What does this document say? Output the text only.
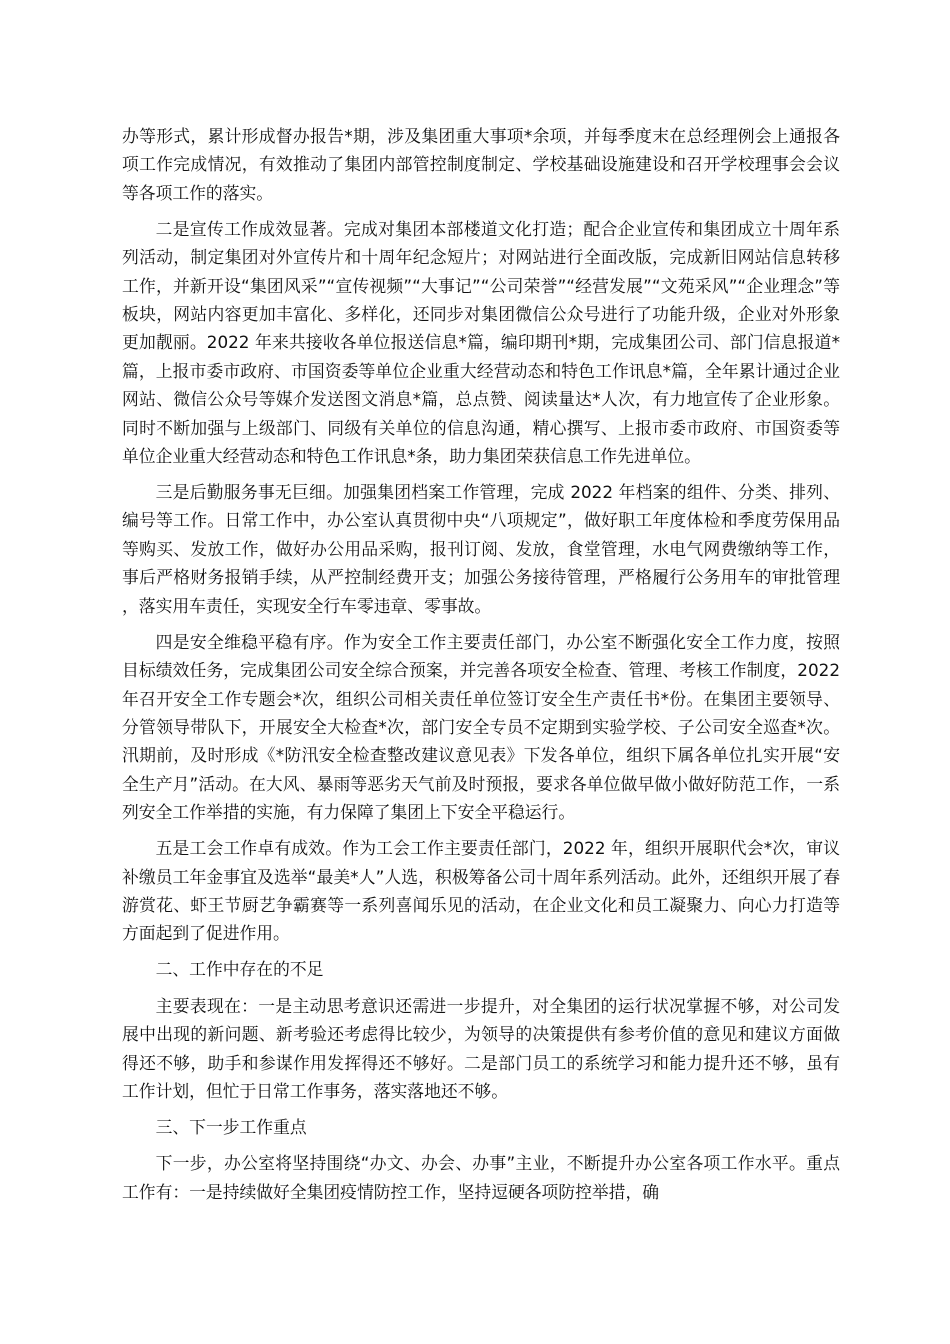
办等形式，累计形成督办报告*期，涉及集团重大事项*余项，并每季度末在总经理例会上通报各项工作完成情况，有效推动了集团内部管控制度制定、学校基础设施建设和召开学校理事会会议等各项工作的落实。

二是宣传工作成效显著。完成对集团本部楼道文化打造；配合企业宣传和集团成立十周年系列活动，制定集团对外宣传片和十周年纪念短片；对网站进行全面改版，完成新旧网站信息转移工作，并新开设“集团风采”“宣传视频”“大事记”“公司荣誉”“经营发展”“文苑采风”“企业理念”等板块，网站内容更加丰富化、多样化，还同步对集团微信公众号进行了功能升级，企业对外形象更加靓丽。2022 年来共接收各单位报送信息*篇，编印期刊*期，完成集团公司、部门信息报道*篇，上报市委市政府、市国资委等单位企业重大经营动态和特色工作讯息*篇，全年累计通过企业网站、微信公众号等媒介发送图文消息*篇，总点赞、阅读量达*人次，有力地宣传了企业形象。同时不断加强与上级部门、同级有关单位的信息沟通，精心撰写、上报市委市政府、市国资委等单位企业重大经营动态和特色工作讯息*条，助力集团荣获信息工作先进单位。

三是后勤服务事无巨细。加强集团档案工作管理，完成 2022 年档案的组件、分类、排列、编号等工作。日常工作中，办公室认真贯彻中央“八项规定”，做好职工年度体检和季度劳保用品等购买、发放工作，做好办公用品采购，报刊订阅、发放，食堂管理，水电气网费缴纳等工作，事后严格财务报销手续，从严控制经费开支；加强公务接待管理，严格履行公务用车的审批管理，落实用车责任，实现安全行车零违章、零事故。

四是安全维稳平稳有序。作为安全工作主要责任部门，办公室不断强化安全工作力度，按照目标绩效任务，完成集团公司安全综合预案，并完善各项安全检查、管理、考核工作制度，2022 年召开安全工作专题会*次，组织公司相关责任单位签订安全生产责任书*份。在集团主要领导、分管领导带队下，开展安全大检查*次，部门安全专员不定期到实验学校、子公司安全巡查*次。汛期前，及时形成《*防汛安全检查整改建议意见表》下发各单位，组织下属各单位扎实开展“安全生产月”活动。在大风、暴雨等恶劣天气前及时预报，要求各单位做早做小做好防范工作，一系列安全工作举措的实施，有力保障了集团上下安全平稳运行。

五是工会工作卓有成效。作为工会工作主要责任部门，2022 年，组织开展职代会*次，审议补缴员工年金事宜及选举“最美*人”人选，积极筹备公司十周年系列活动。此外，还组织开展了春游赏花、虾王节厨艺争霸赛等一系列喜闻乐见的活动，在企业文化和员工凝聚力、向心力打造等方面起到了促进作用。

二、工作中存在的不足

主要表现在：一是主动思考意识还需进一步提升，对全集团的运行状况掌握不够，对公司发展中出现的新问题、新考验还考虑得比较少，为领导的决策提供有参考价值的意见和建议方面做得还不够，助手和参谋作用发挥得还不够好。二是部门员工的系统学习和能力提升还不够，虽有工作计划，但忙于日常工作事务，落实落地还不够。

三、下一步工作重点

下一步，办公室将坚持围绕“办文、办会、办事”主业，不断提升办公室各项工作水平。重点工作有：一是持续做好全集团疫情防控工作，坚持逗硬各项防控举措，确
